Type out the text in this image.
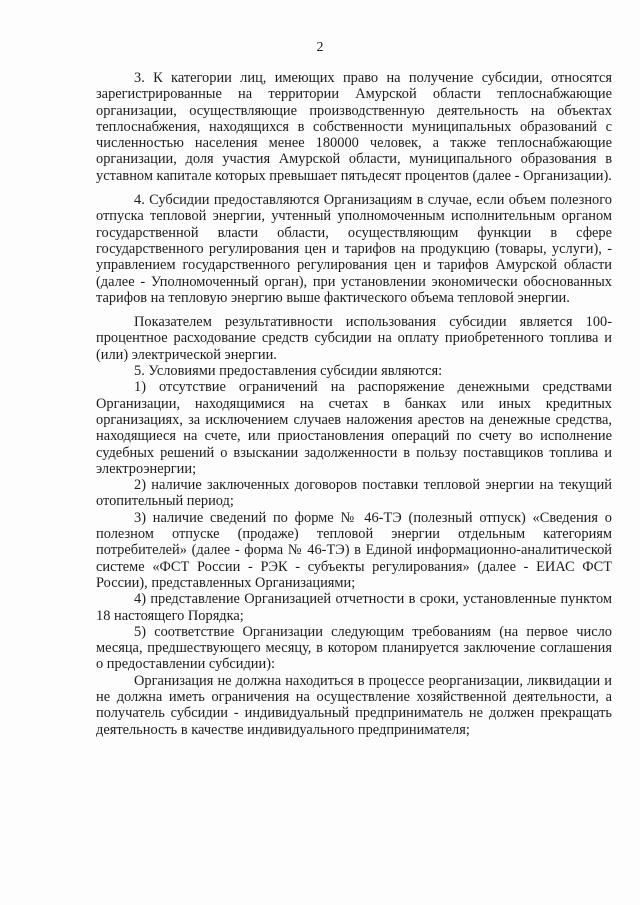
2

3. К категории лиц, имеющих право на получение субсидии, относятся зарегистрированные на территории Амурской области теплоснабжающие организации, осуществляющие производственную деятельность на объектах теплоснабжения, находящихся в собственности муниципальных образований с численностью населения менее 180000 человек, а также теплоснабжающие организации, доля участия Амурской области, муниципального образования в уставном капитале которых превышает пятьдесят процентов (далее - Организации).

4. Субсидии предоставляются Организациям в случае, если объем полезного отпуска тепловой энергии, учтенный уполномоченным исполнительным органом государственной власти области, осуществляющим функции в сфере государственного регулирования цен и тарифов на продукцию (товары, услуги), - управлением государственного регулирования цен и тарифов Амурской области (далее - Уполномоченный орган), при установлении экономически обоснованных тарифов на тепловую энергию выше фактического объема тепловой энергии.

Показателем результативности использования субсидии является 100-процентное расходование средств субсидии на оплату приобретенного топлива и (или) электрической энергии.

5. Условиями предоставления субсидии являются:

1) отсутствие ограничений на распоряжение денежными средствами Организации, находящимися на счетах в банках или иных кредитных организациях, за исключением случаев наложения арестов на денежные средства, находящиеся на счете, или приостановления операций по счету во исполнение судебных решений о взыскании задолженности в пользу поставщиков топлива и электроэнергии;

2) наличие заключенных договоров поставки тепловой энергии на текущий отопительный период;

3) наличие сведений по форме № 46-ТЭ (полезный отпуск) «Сведения о полезном отпуске (продаже) тепловой энергии отдельным категориям потребителей» (далее - форма № 46-ТЭ) в Единой информационно-аналитической системе «ФСТ России - РЭК - субъекты регулирования» (далее - ЕИАС ФСТ России), представленных Организациями;

4) представление Организацией отчетности в сроки, установленные пунктом 18 настоящего Порядка;

5) соответствие Организации следующим требованиям (на первое число месяца, предшествующего месяцу, в котором планируется заключение соглашения о предоставлении субсидии):

Организация не должна находиться в процессе реорганизации, ликвидации и не должна иметь ограничения на осуществление хозяйственной деятельности, а получатель субсидии - индивидуальный предприниматель не должен прекращать деятельность в качестве индивидуального предпринимателя;
